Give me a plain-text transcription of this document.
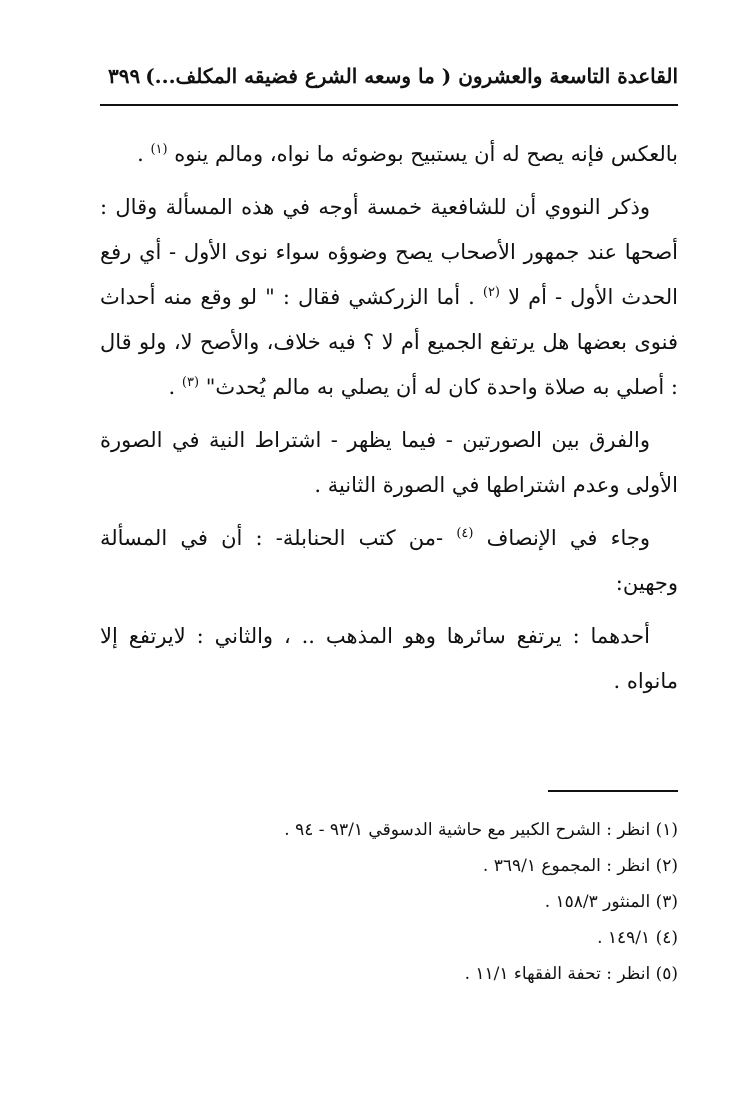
القاعدة التاسعة والعشرون ( ما وسعه الشرع فضيقه المكلف...)
٣٩٩

بالعكس فإنه يصح له أن يستبيح بوضوئه ما نواه، ومالم ينوه $^{(١)}$ .

وذكر النووي أن للشافعية خمسة أوجه في هذه المسألة وقال : أصحها عند جمهور الأصحاب يصح وضوؤه سواء نوى الأول - أي رفع الحدث الأول - أم لا $^{(٢)}$ . أما الزركشي فقال : " لو وقع منه أحداث فنوى بعضها هل يرتفع الجميع أم لا ؟ فيه خلاف، والأصح لا، ولو قال : أصلي به صلاة واحدة كان له أن يصلي به مالم يُحدث" $^{(٣)}$ .

والفرق بين الصورتين - فيما يظهر - اشتراط النية في الصورة الأولى وعدم اشتراطها في الصورة الثانية .

وجاء في الإنصاف $^{(٤)}$ -من كتب الحنابلة- : أن في المسألة وجهين:

أحدهما : يرتفع سائرها وهو المذهب .. ، والثاني : لايرتفع إلا مانواه .

(١) انظر : الشرح الكبير مع حاشية الدسوقي ٩٣/١ - ٩٤ .

(٢) انظر : المجموع ٣٦٩/١ .

(٣) المنثور ١٥٨/٣ .

(٤) ١٤٩/١ .

(٥) انظر : تحفة الفقهاء ١١/١ .
